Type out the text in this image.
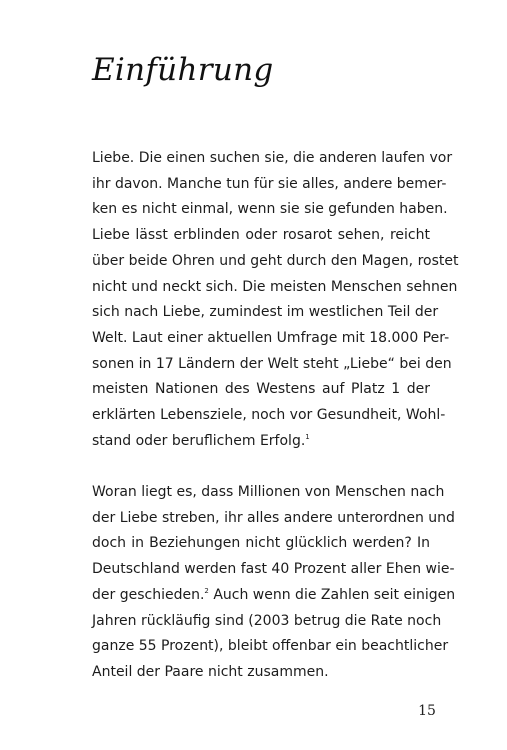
Einführung
Liebe. Die einen suchen sie, die anderen laufen vor
ihr davon. Manche tun für sie alles, andere bemer-
ken es nicht einmal, wenn sie sie gefunden haben.
Liebe lässt erblinden oder rosarot sehen, reicht
über beide Ohren und geht durch den Magen, rostet
nicht und neckt sich. Die meisten Menschen sehnen
sich nach Liebe, zumindest im westlichen Teil der
Welt. Laut einer aktuellen Umfrage mit 18.000 Per-
sonen in 17 Ländern der Welt steht „Liebe“ bei den
meisten Nationen des Westens auf Platz 1 der
erklärten Lebensziele, noch vor Gesundheit, Wohl-
stand oder beruflichem Erfolg.$^1$
Woran liegt es, dass Millionen von Menschen nach
der Liebe streben, ihr alles andere unterordnen und
doch in Beziehungen nicht glücklich werden? In
Deutschland werden fast 40 Prozent aller Ehen wie-
der geschieden.$^2$ Auch wenn die Zahlen seit einigen
Jahren rückläufig sind (2003 betrug die Rate noch
ganze 55 Prozent), bleibt offenbar ein beachtlicher
Anteil der Paare nicht zusammen.
15
